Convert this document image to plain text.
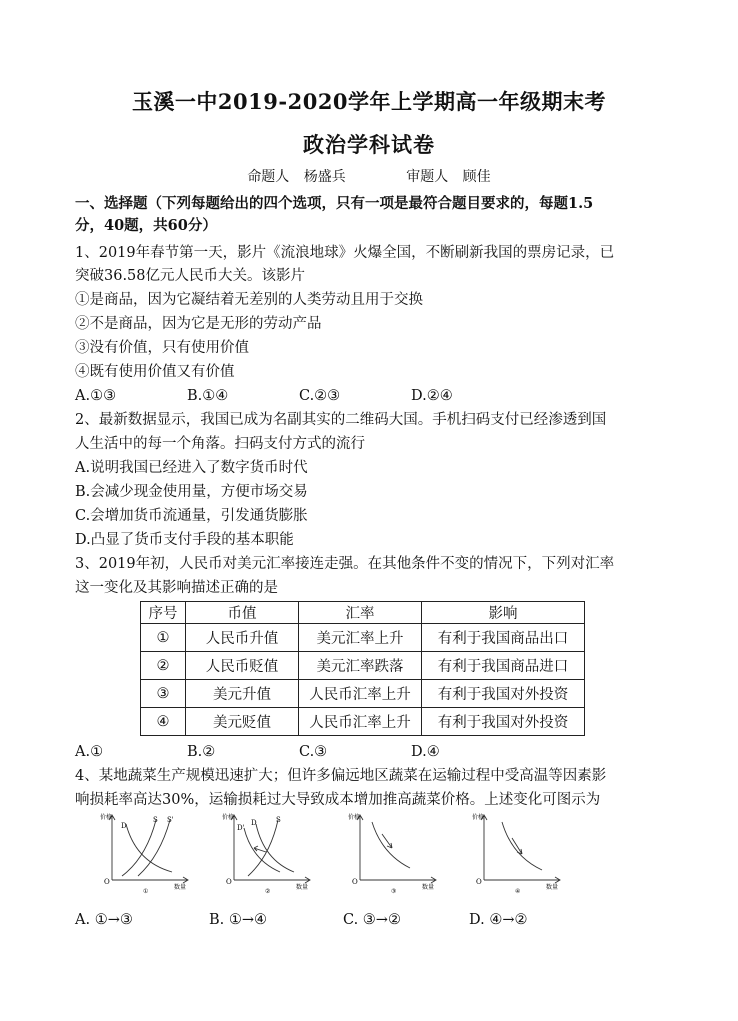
玉溪一中2019-2020学年上学期高一年级期末考
政治学科试卷
命题人 杨盛兵	审题人 顾佳
一、选择题（下列每题给出的四个选项，只有一项是最符合题目要求的，每题1.5
分，40题，共60分）
1、2019年春节第一天，影片《流浪地球》火爆全国，不断刷新我国的票房记录，已
突破36.58亿元人民币大关。该影片
①是商品，因为它凝结着无差别的人类劳动且用于交换
②不是商品，因为它是无形的劳动产品
③没有价值，只有使用价值
④既有使用价值又有价值
A.①③	B.①④	C.②③	D.②④
2、最新数据显示，我国已成为名副其实的二维码大国。手机扫码支付已经渗透到国
人生活中的每一个角落。扫码支付方式的流行
A.说明我国已经进入了数字货币时代
B.会减少现金使用量，方便市场交易
C.会增加货币流通量，引发通货膨胀
D.凸显了货币支付手段的基本职能
3、2019年初，人民币对美元汇率接连走强。在其他条件不变的情况下，下列对汇率
这一变化及其影响描述正确的是
序号	币值	汇率	影响
①	人民币升值	美元汇率上升	有利于我国商品出口
②	人民币贬值	美元汇率跌落	有利于我国商品进口
③	美元升值	人民币汇率上升	有利于我国对外投资
④	美元贬值	人民币汇率上升	有利于我国对外投资
A.①	B.②	C.③	D.④
4、某地蔬菜生产规模迅速扩大；但许多偏远地区蔬菜在运输过程中受高温等因素影
响损耗率高达30%，运输损耗过大导致成本增加推高蔬菜价格。上述变化可图示为
价格
O
数量
D
S S'
①
价格
O
数量
D'
D	S
②
价格
O
数量
③
价格
O
数量
④
A. ①→③	B. ①→④	C. ③→②	D. ④→②
